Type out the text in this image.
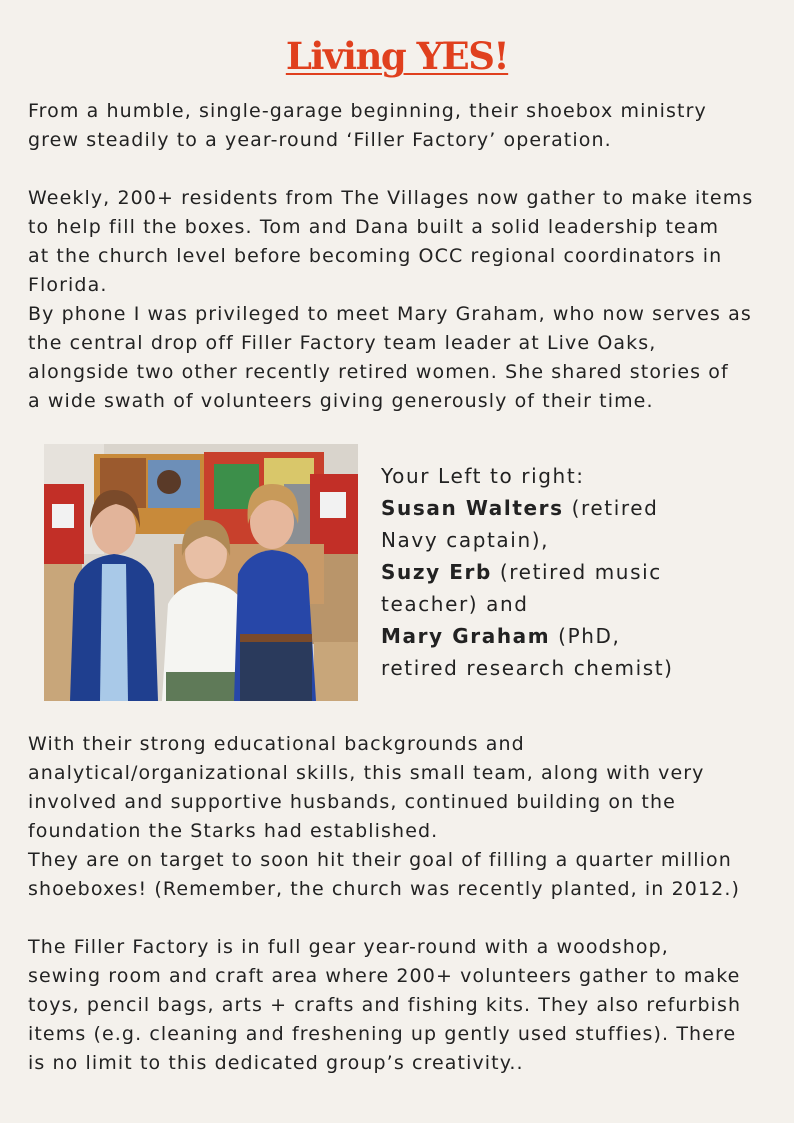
Living YES!

From a humble, single-garage beginning, their shoebox ministry
grew steadily to a year-round ‘Filler Factory’ operation.

Weekly, 200+ residents from The Villages now gather to make items
to help fill the boxes. Tom and Dana built a solid leadership team
at the church level before becoming OCC regional coordinators in
Florida.
By phone I was privileged to meet Mary Graham, who now serves as
the central drop off Filler Factory team leader at Live Oaks,
alongside two other recently retired women. She shared stories of
a wide swath of volunteers giving generously of their time.

Your Left to right:
Susan Walters (retired
Navy captain),
Suzy Erb (retired music
teacher) and
Mary Graham (PhD,
retired research chemist)

With their strong educational backgrounds and
analytical/organizational skills, this small team, along with very
involved and supportive husbands, continued building on the
foundation the Starks had established.
They are on target to soon hit their goal of filling a quarter million
shoeboxes! (Remember, the church was recently planted, in 2012.)

The Filler Factory is in full gear year-round with a woodshop,
sewing room and craft area where 200+ volunteers gather to make
toys, pencil bags, arts + crafts and fishing kits. They also refurbish
items (e.g. cleaning and freshening up gently used stuffies). There
is no limit to this dedicated group’s creativity..
